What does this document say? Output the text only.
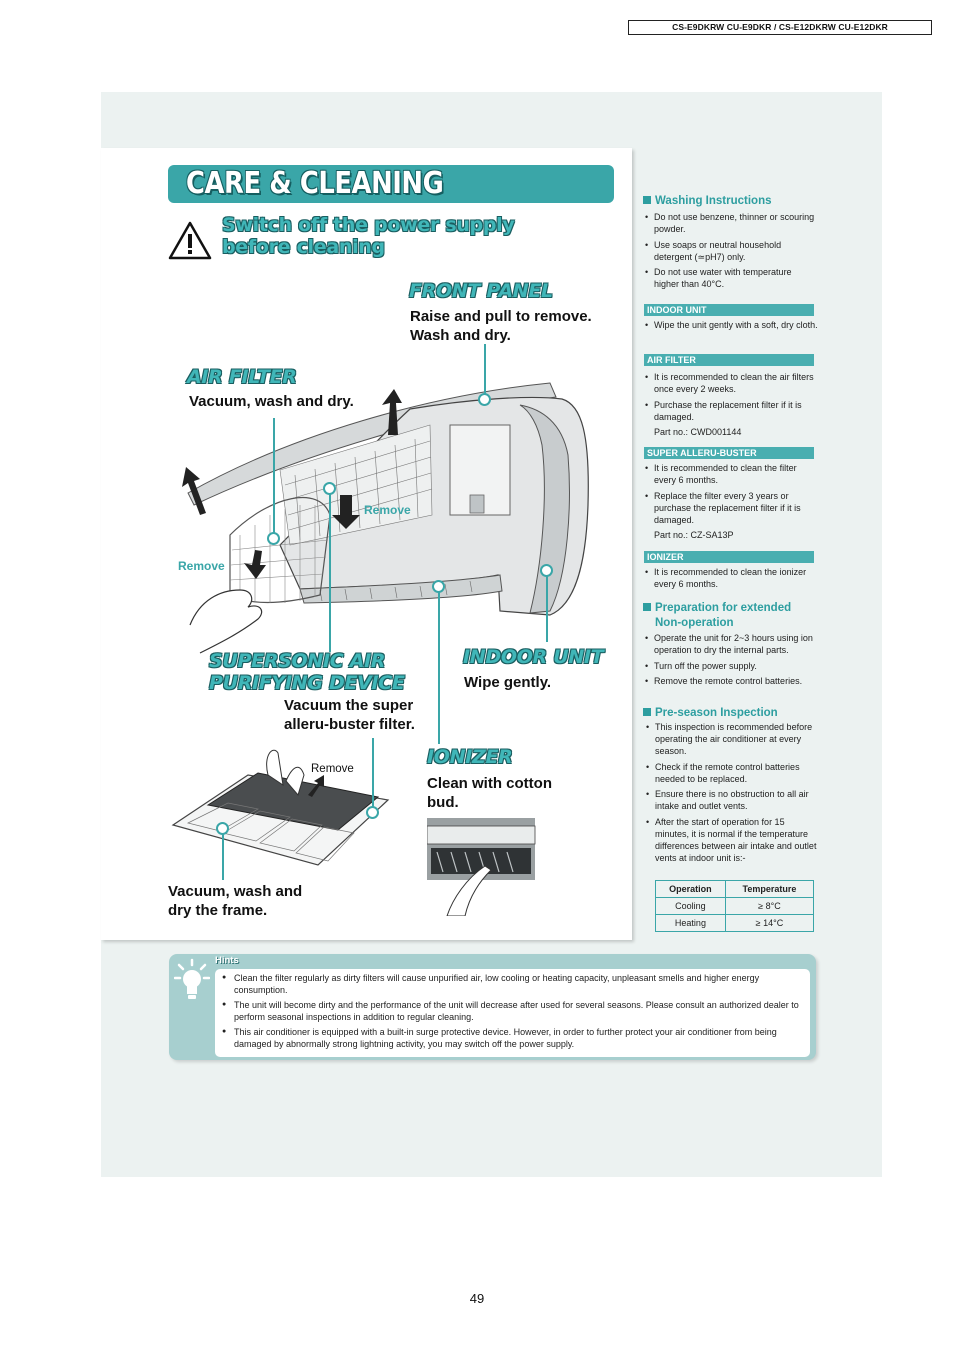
CS-E9DKRW CU-E9DKR / CS-E12DKRW CU-E12DKR
CARE & CLEANING
Switch off the power supply
before cleaning
FRONT PANEL
Raise and pull to remove.
Wash and dry.
AIR FILTER
Vacuum, wash and dry.
Remove
Remove
SUPERSONIC AIR
PURIFYING DEVICE
Vacuum the super
alleru-buster filter.
INDOOR UNIT
Wipe gently.
IONIZER
Clean with cotton
bud.
Remove
Vacuum, wash and
dry the frame.
Washing Instructions
• Do not use benzene, thinner or scouring powder.
• Use soaps or neutral household detergent (≃pH7) only.
• Do not use water with temperature higher than 40°C.
INDOOR UNIT
• Wipe the unit gently with a soft, dry cloth.
AIR FILTER
• It is recommended to clean the air filters once every 2 weeks.
• Purchase the replacement filter if it is damaged.
Part no.: CWD001144
SUPER ALLERU-BUSTER
• It is recommended to clean the filter every 6 months.
• Replace the filter every 3 years or purchase the replacement filter if it is damaged.
Part no.: CZ-SA13P
IONIZER
• It is recommended to clean the ionizer every 6 months.
Preparation for extended
Non-operation
• Operate the unit for 2~3 hours using ion operation to dry the internal parts.
• Turn off the power supply.
• Remove the remote control batteries.
Pre-season Inspection
• This inspection is recommended before operating the air conditioner at every season.
• Check if the remote control batteries needed to be replaced.
• Ensure there is no obstruction to all air intake and outlet vents.
• After the start of operation for 15 minutes, it is normal if the temperature differences between air intake and outlet vents at indoor unit is:-
Operation	Temperature
Cooling	≥ 8°C
Heating	≥ 14°C
Hints
● Clean the filter regularly as dirty filters will cause unpurified air, low cooling or heating capacity, unpleasant smells and higher energy consumption.
● The unit will become dirty and the performance of the unit will decrease after used for several seasons. Please consult an authorized dealer to perform seasonal inspections in addition to regular cleaning.
● This air conditioner is equipped with a built-in surge protective device. However, in order to further protect your air conditioner from being damaged by abnormally strong lightning activity, you may switch off the power supply.
49
